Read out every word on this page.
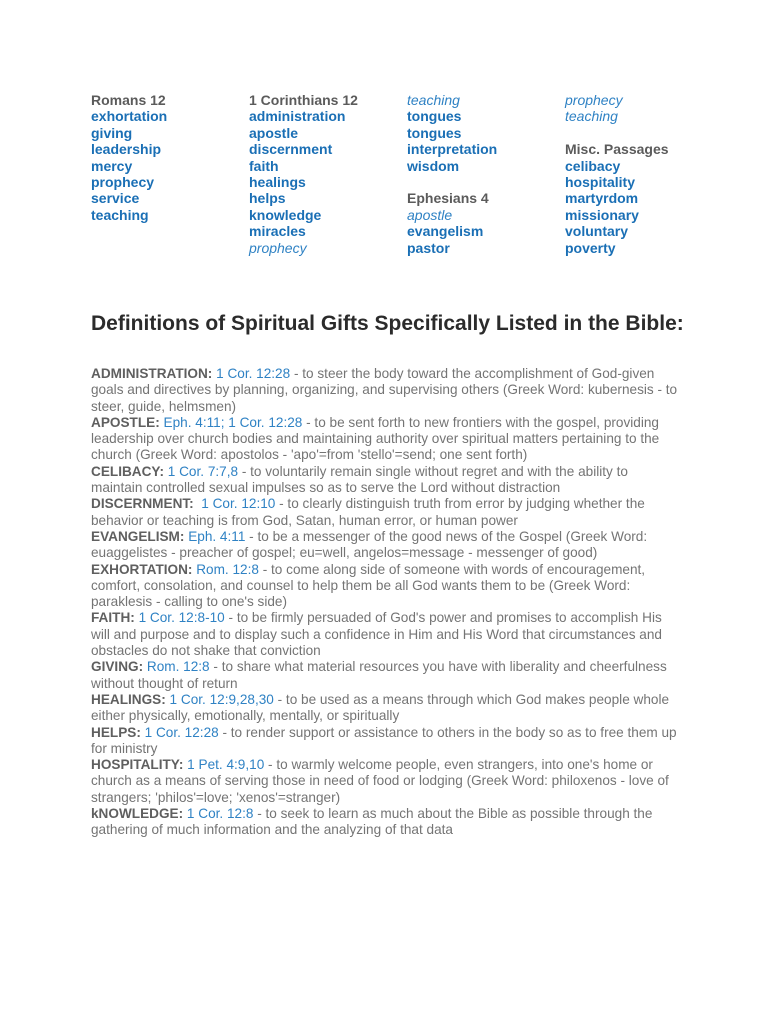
Romans 12
exhortation
giving
leadership
mercy
prophecy
service
teaching
1 Corinthians 12
administration
apostle
discernment
faith
healings
helps
knowledge
miracles
prophecy
teaching
tongues
tongues
interpretation
wisdom
Ephesians 4
apostle
evangelism
pastor
prophecy
teaching
Misc. Passages
celibacy
hospitality
martyrdom
missionary
voluntary
poverty
Definitions of Spiritual Gifts Specifically Listed in the Bible:

ADMINISTRATION: 1 Cor. 12:28 - to steer the body toward the accomplishment of God-given goals and directives by planning, organizing, and supervising others (Greek Word: kubernesis - to steer, guide, helmsmen)

APOSTLE: Eph. 4:11; 1 Cor. 12:28 - to be sent forth to new frontiers with the gospel, providing leadership over church bodies and maintaining authority over spiritual matters pertaining to the church (Greek Word: apostolos - 'apo'=from 'stello'=send; one sent forth)

CELIBACY: 1 Cor. 7:7,8 - to voluntarily remain single without regret and with the ability to maintain controlled sexual impulses so as to serve the Lord without distraction

DISCERNMENT: 1 Cor. 12:10 - to clearly distinguish truth from error by judging whether the behavior or teaching is from God, Satan, human error, or human power

EVANGELISM: Eph. 4:11 - to be a messenger of the good news of the Gospel (Greek Word: euaggelistes - preacher of gospel; eu=well, angelos=message - messenger of good)

EXHORTATION: Rom. 12:8 - to come along side of someone with words of encouragement, comfort, consolation, and counsel to help them be all God wants them to be (Greek Word: paraklesis - calling to one's side)

FAITH: 1 Cor. 12:8-10 - to be firmly persuaded of God's power and promises to accomplish His will and purpose and to display such a confidence in Him and His Word that circumstances and obstacles do not shake that conviction

GIVING: Rom. 12:8 - to share what material resources you have with liberality and cheerfulness without thought of return

HEALINGS: 1 Cor. 12:9,28,30 - to be used as a means through which God makes people whole either physically, emotionally, mentally, or spiritually

HELPS: 1 Cor. 12:28 - to render support or assistance to others in the body so as to free them up for ministry

HOSPITALITY: 1 Pet. 4:9,10 - to warmly welcome people, even strangers, into one's home or church as a means of serving those in need of food or lodging (Greek Word: philoxenos - love of strangers; 'philos'=love; 'xenos'=stranger)

kNOWLEDGE: 1 Cor. 12:8 - to seek to learn as much about the Bible as possible through the gathering of much information and the analyzing of that data
